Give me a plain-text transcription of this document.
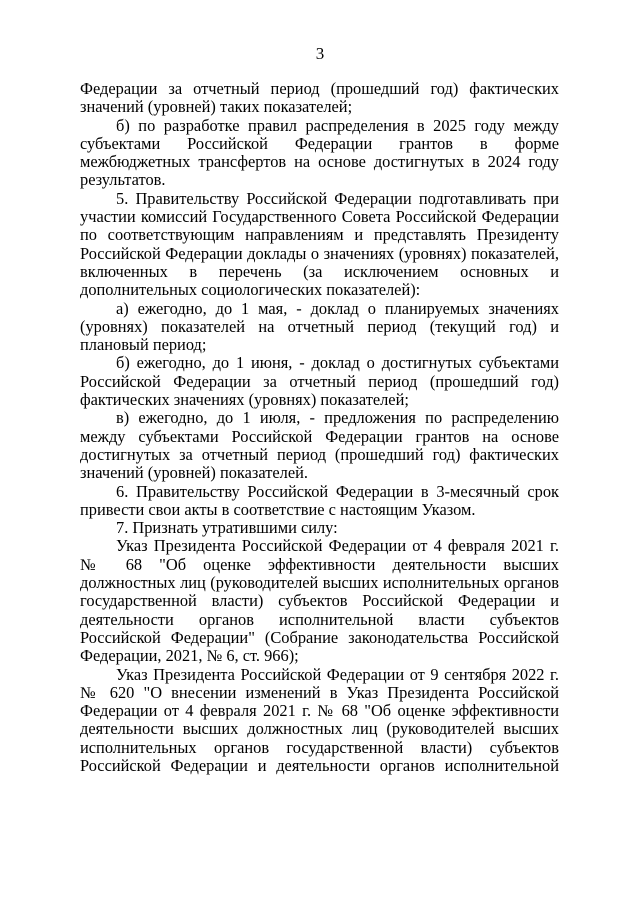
3

Федерации за отчетный период (прошедший год) фактических значений (уровней) таких показателей;

б) по разработке правил распределения в 2025 году между субъектами Российской Федерации грантов в форме межбюджетных трансфертов на основе достигнутых в 2024 году результатов.

5. Правительству Российской Федерации подготавливать при участии комиссий Государственного Совета Российской Федерации по соответствующим направлениям и представлять Президенту Российской Федерации доклады о значениях (уровнях) показателей, включенных в перечень (за исключением основных и дополнительных социологических показателей):

а) ежегодно, до 1 мая, - доклад о планируемых значениях (уровнях) показателей на отчетный период (текущий год) и плановый период;

б) ежегодно, до 1 июня, - доклад о достигнутых субъектами Российской Федерации за отчетный период (прошедший год) фактических значениях (уровнях) показателей;

в) ежегодно, до 1 июля, - предложения по распределению между субъектами Российской Федерации грантов на основе достигнутых за отчетный период (прошедший год) фактических значений (уровней) показателей.

6. Правительству Российской Федерации в 3-месячный срок привести свои акты в соответствие с настоящим Указом.

7. Признать утратившими силу:

Указ Президента Российской Федерации от 4 февраля 2021 г. № 68 "Об оценке эффективности деятельности высших должностных лиц (руководителей высших исполнительных органов государственной власти) субъектов Российской Федерации и деятельности органов исполнительной власти субъектов Российской Федерации" (Собрание законодательства Российской Федерации, 2021, № 6, ст. 966);

Указ Президента Российской Федерации от 9 сентября 2022 г. № 620 "О внесении изменений в Указ Президента Российской Федерации от 4 февраля 2021 г. № 68 "Об оценке эффективности деятельности высших должностных лиц (руководителей высших исполнительных органов государственной власти) субъектов Российской Федерации и деятельности органов исполнительной
